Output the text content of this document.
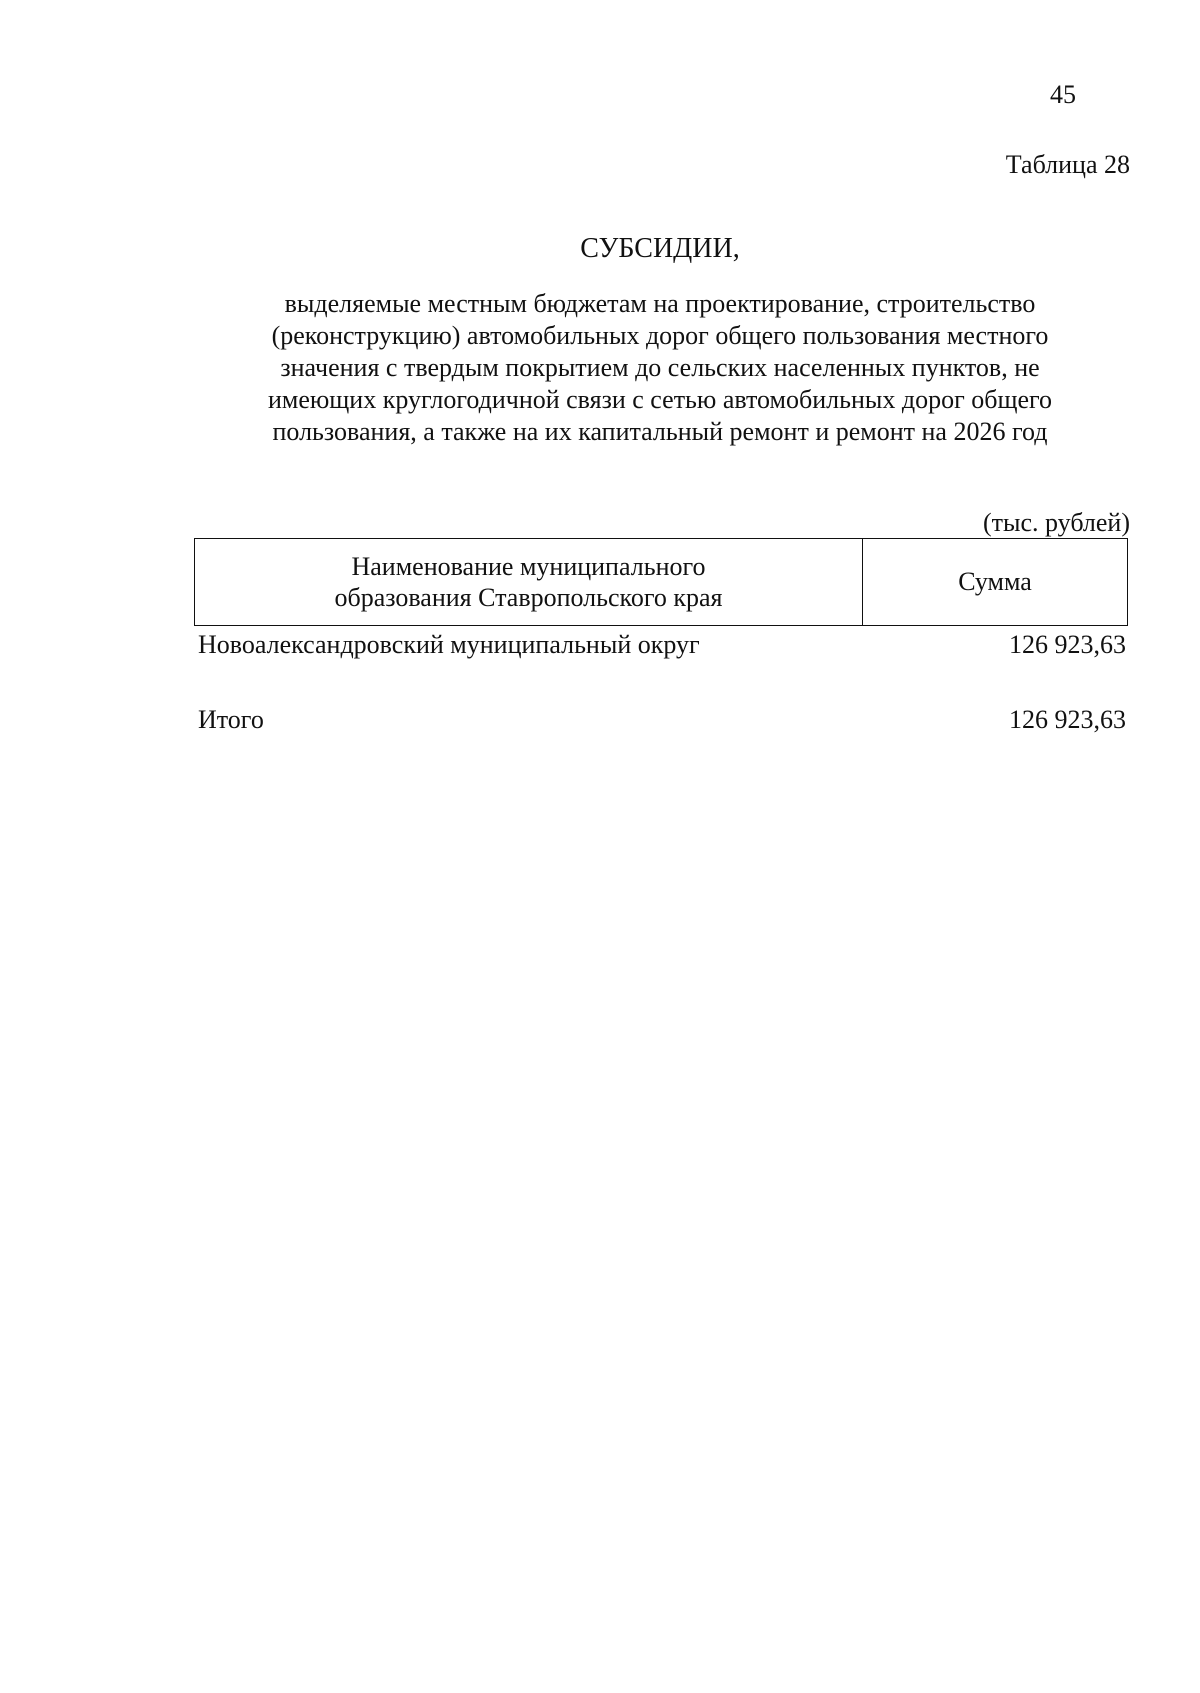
45
Таблица 28
СУБСИДИИ,
выделяемые местным бюджетам на проектирование, строительство
(реконструкцию) автомобильных дорог общего пользования местного
значения с твердым покрытием до сельских населенных пунктов, не
имеющих круглогодичной связи с сетью автомобильных дорог общего
пользования, а также на их капитальный ремонт и ремонт на 2026 год
(тыс. рублей)
Наименование муниципального
образования Ставропольского края
Сумма
Новоалександровский муниципальный округ	126 923,63
Итого	126 923,63
